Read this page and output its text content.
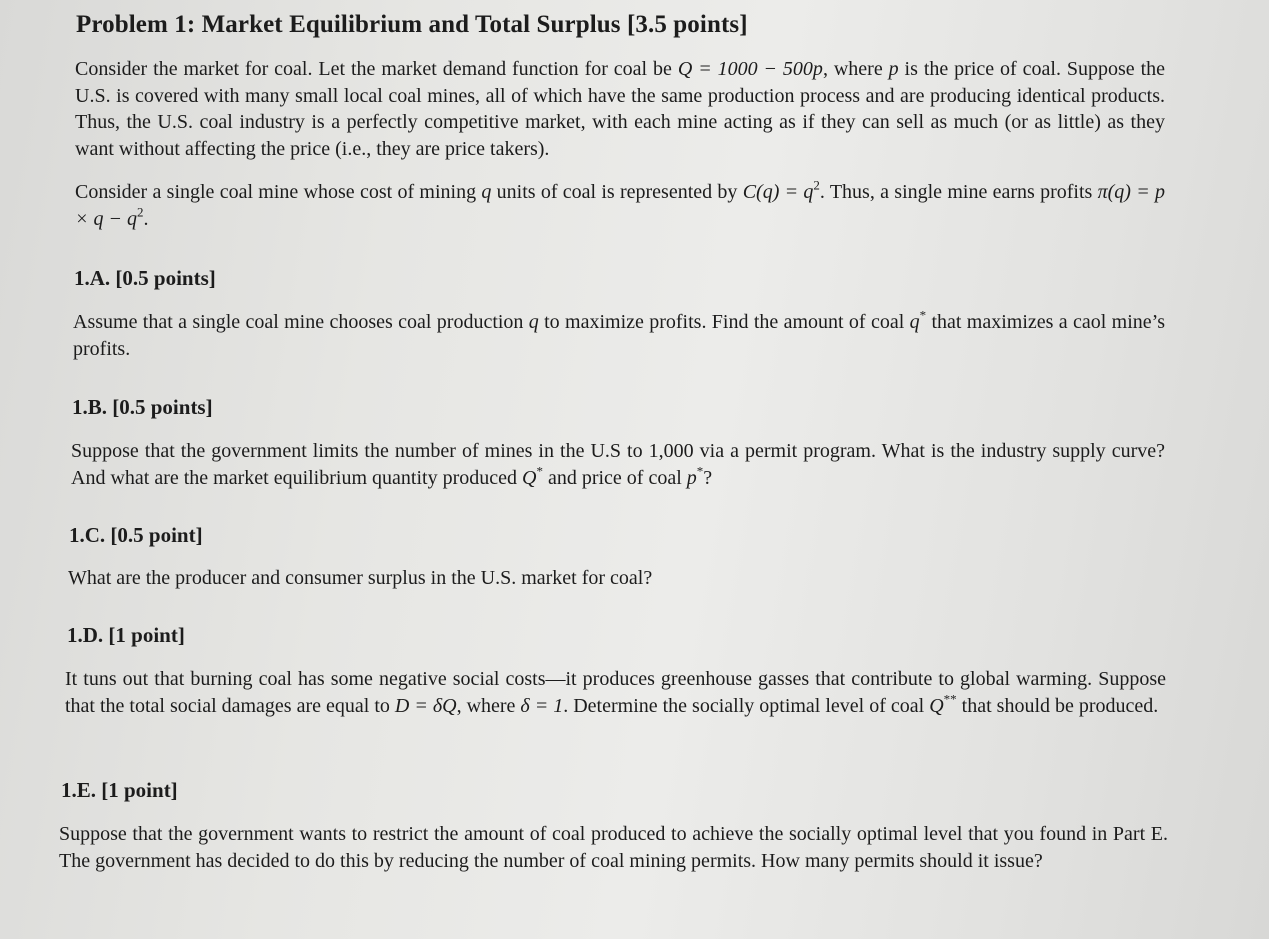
Problem 1: Market Equilibrium and Total Surplus [3.5 points]

Consider the market for coal. Let the market demand function for coal be Q = 1000 − 500p, where p is the price of coal. Suppose the U.S. is covered with many small local coal mines, all of which have the same production process and are producing identical products. Thus, the U.S. coal industry is a perfectly competitive market, with each mine acting as if they can sell as much (or as little) as they want without affecting the price (i.e., they are price takers).

Consider a single coal mine whose cost of mining q units of coal is represented by $C(q) = q^2$. Thus, a single mine earns profits $\pi(q) = p \times q - q^2$.

1.A. [0.5 points]

Assume that a single coal mine chooses coal production q to maximize profits. Find the amount of coal q* that maximizes a caol mine’s profits.

1.B. [0.5 points]

Suppose that the government limits the number of mines in the U.S to 1,000 via a permit program. What is the industry supply curve? And what are the market equilibrium quantity produced Q* and price of coal p*?

1.C. [0.5 point]

What are the producer and consumer surplus in the U.S. market for coal?

1.D. [1 point]

It tuns out that burning coal has some negative social costs—it produces greenhouse gasses that contribute to global warming. Suppose that the total social damages are equal to D = δQ, where δ = 1. Determine the socially optimal level of coal Q** that should be produced.

1.E. [1 point]

Suppose that the government wants to restrict the amount of coal produced to achieve the socially optimal level that you found in Part E. The government has decided to do this by reducing the number of coal mining permits. How many permits should it issue?
